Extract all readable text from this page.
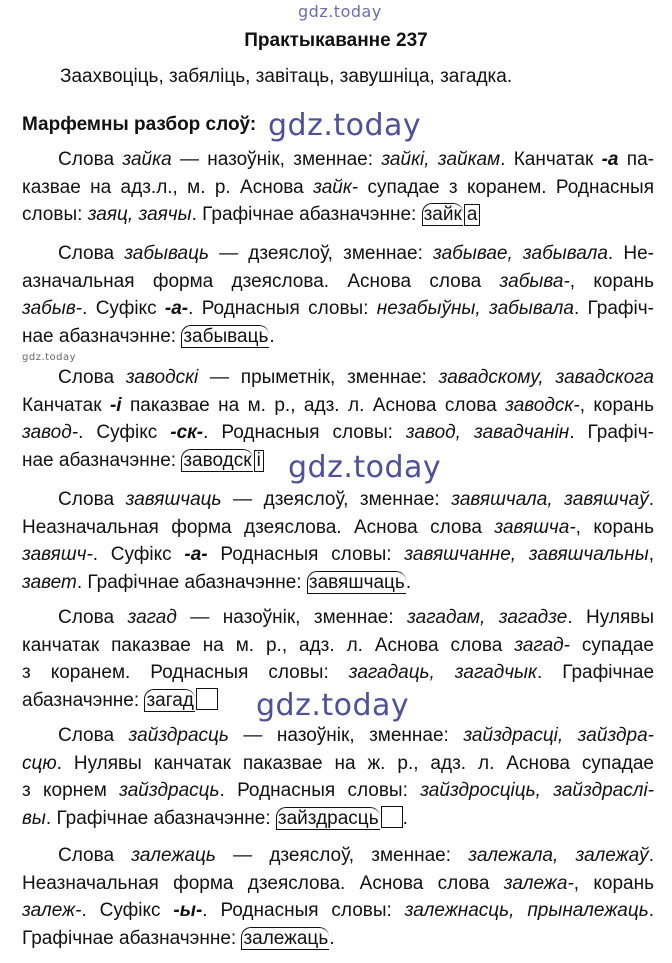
gdz.today
Практыкаванне 237
Заахвоціць, забяліць, завітаць, завушніца, загадка.
Марфемны разбор слоў: gdz.today
Слова зайка — назоўнік, зменнае: зайкі, зайкам. Канчатак -а па-
казвае на адз.л., м. р. Аснова зайк- супадае з коранем. Роднасныя
словы: заяц, заячы. Графічнае абазначэнне: зайк а
Слова забываць — дзеяслоў, зменнае: забывае, забывала. Не-
азначальная форма дзеяслова. Аснова слова забыва-, корань
забыв-. Суфікс -а-. Роднасныя словы: незабыўны, забывала. Графіч-
нае абазначэнне: забываць.
gdz.today
Слова заводскі — прыметнік, зменнае: завадскому, завадскога
Канчатак -і паказвае на м. р., адз. л. Аснова слова заводск-, корань
завод-. Суфікс -ск-. Роднасныя словы: завод, завадчанін. Графіч-
нае абазначэнне: заводск і gdz.today
Слова завяшчаць — дзеяслоў, зменнае: завяшчала, завяшчаў.
Неазначальная форма дзеяслова. Аснова слова завяшча-, корань
завяшч-. Суфікс -а- Роднасныя словы: завяшчанне, завяшчальны,
завет. Графічнае абазначэнне: завяшчаць.
Слова загад — назоўнік, зменнае: загадам, загадзе. Нулявы
канчатак паказвае на м. р., адз. л. Аснова слова загад- супадае
з коранем. Роднасныя словы: загадаць, загадчык. Графічнае
абазначэнне: загад	gdz.today
Слова зайздрасць — назоўнік, зменнае: зайздрасці, зайздра-
сцю. Нулявы канчатак паказвае на ж. р., адз. л. Аснова супадае
з корнем зайздрасць. Роднасныя словы: зайздросціць, зайздраслі-
вы. Графічнае абазначэнне: зайздрасць .
Слова залежаць — дзеяслоў, зменнае: залежала, залежаў.
Неазначальная форма дзеяслова. Аснова слова залежа-, корань
залеж-. Суфікс -ы-. Роднасныя словы: залежнасць, прыналежаць.
Графічнае абазначэнне: залежаць.
